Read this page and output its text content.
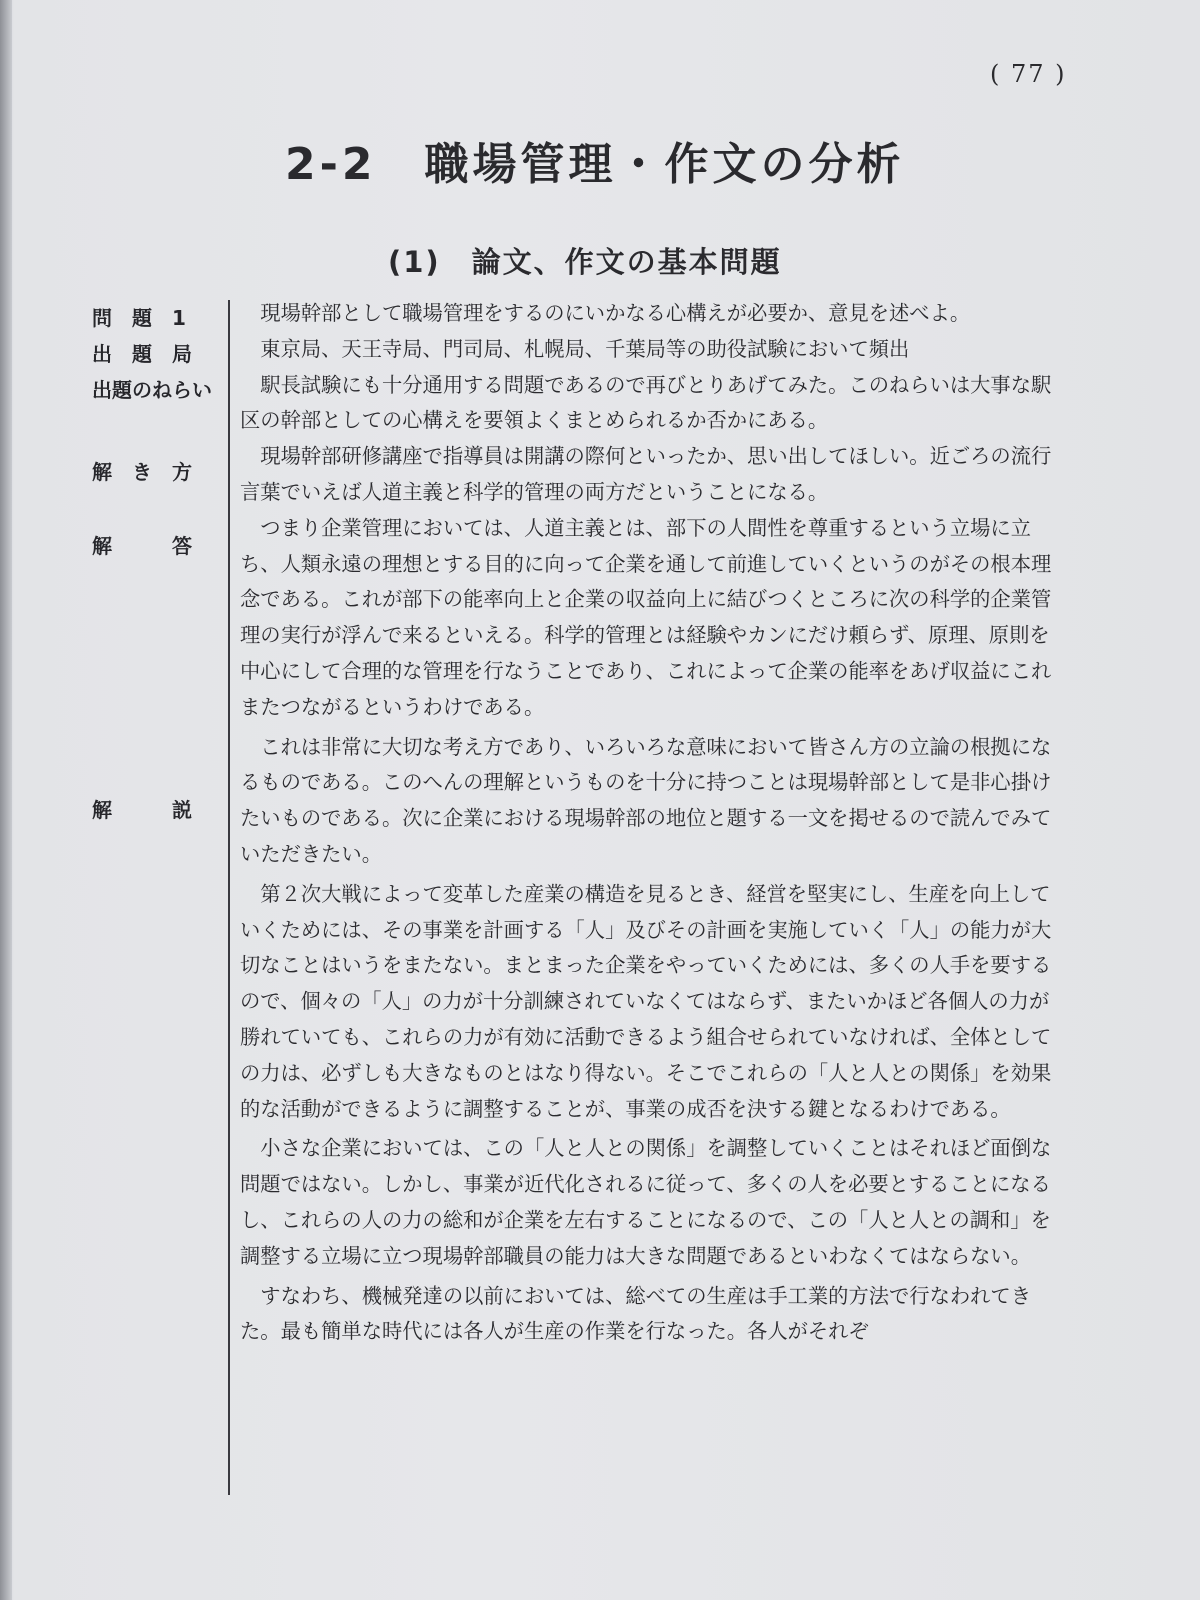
( 77 )
2-2　職場管理・作文の分析
(1)　論文、作文の基本問題
問　題　1
出　題　局
出題のねらい
解　き　方
解　　　答
解　　　説

現場幹部として職場管理をするのにいかなる心構えが必要か、意見を述べよ。

東京局、天王寺局、門司局、札幌局、千葉局等の助役試験において頻出

駅長試験にも十分通用する問題であるので再びとりあげてみた。このねらいは大事な駅区の幹部としての心構えを要領よくまとめられるか否かにある。

現場幹部研修講座で指導員は開講の際何といったか、思い出してほしい。近ごろの流行言葉でいえば人道主義と科学的管理の両方だということになる。

つまり企業管理においては、人道主義とは、部下の人間性を尊重するという立場に立ち、人類永遠の理想とする目的に向って企業を通して前進していくというのがその根本理念である。これが部下の能率向上と企業の収益向上に結びつくところに次の科学的企業管理の実行が浮んで来るといえる。科学的管理とは経験やカンにだけ頼らず、原理、原則を中心にして合理的な管理を行なうことであり、これによって企業の能率をあげ収益にこれまたつながるというわけである。

これは非常に大切な考え方であり、いろいろな意味において皆さん方の立論の根拠になるものである。このへんの理解というものを十分に持つことは現場幹部として是非心掛けたいものである。次に企業における現場幹部の地位と題する一文を掲せるので読んでみていただきたい。

第２次大戦によって変革した産業の構造を見るとき、経営を堅実にし、生産を向上していくためには、その事業を計画する「人」及びその計画を実施していく「人」の能力が大切なことはいうをまたない。まとまった企業をやっていくためには、多くの人手を要するので、個々の「人」の力が十分訓練されていなくてはならず、またいかほど各個人の力が勝れていても、これらの力が有効に活動できるよう組合せられていなければ、全体としての力は、必ずしも大きなものとはなり得ない。そこでこれらの「人と人との関係」を効果的な活動ができるように調整することが、事業の成否を決する鍵となるわけである。

小さな企業においては、この「人と人との関係」を調整していくことはそれほど面倒な問題ではない。しかし、事業が近代化されるに従って、多くの人を必要とすることになるし、これらの人の力の総和が企業を左右することになるので、この「人と人との調和」を調整する立場に立つ現場幹部職員の能力は大きな問題であるといわなくてはならない。

すなわち、機械発達の以前においては、総べての生産は手工業的方法で行なわれてきた。最も簡単な時代には各人が生産の作業を行なった。各人がそれぞ
